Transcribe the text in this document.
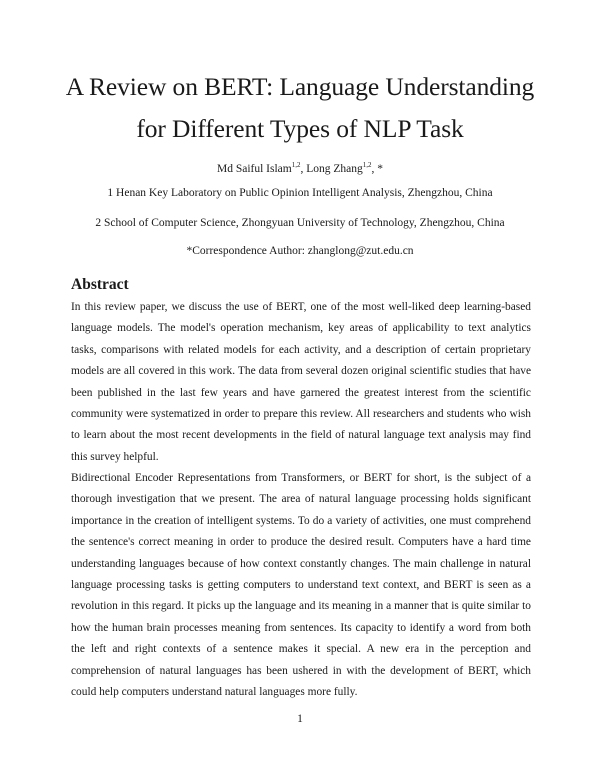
A Review on BERT: Language Understanding
for Different Types of NLP Task
Md Saiful Islam$^{1,2}$, Long Zhang$^{1,2}$, *
1 Henan Key Laboratory on Public Opinion Intelligent Analysis, Zhengzhou, China
2 School of Computer Science, Zhongyuan University of Technology, Zhengzhou, China
*Correspondence Author: zhanglong@zut.edu.cn
Abstract

In this review paper, we discuss the use of BERT, one of the most well-liked deep learning-based language models. The model's operation mechanism, key areas of applicability to text analytics tasks, comparisons with related models for each activity, and a description of certain proprietary models are all covered in this work. The data from several dozen original scientific studies that have been published in the last few years and have garnered the greatest interest from the scientific community were systematized in order to prepare this review. All researchers and students who wish to learn about the most recent developments in the field of natural language text analysis may find this survey helpful.

Bidirectional Encoder Representations from Transformers, or BERT for short, is the subject of a thorough investigation that we present. The area of natural language processing holds significant importance in the creation of intelligent systems. To do a variety of activities, one must comprehend the sentence's correct meaning in order to produce the desired result. Computers have a hard time understanding languages because of how context constantly changes. The main challenge in natural language processing tasks is getting computers to understand text context, and BERT is seen as a revolution in this regard. It picks up the language and its meaning in a manner that is quite similar to how the human brain processes meaning from sentences. Its capacity to identify a word from both the left and right contexts of a sentence makes it special. A new era in the perception and comprehension of natural languages has been ushered in with the development of BERT, which could help computers understand natural languages more fully.

1
